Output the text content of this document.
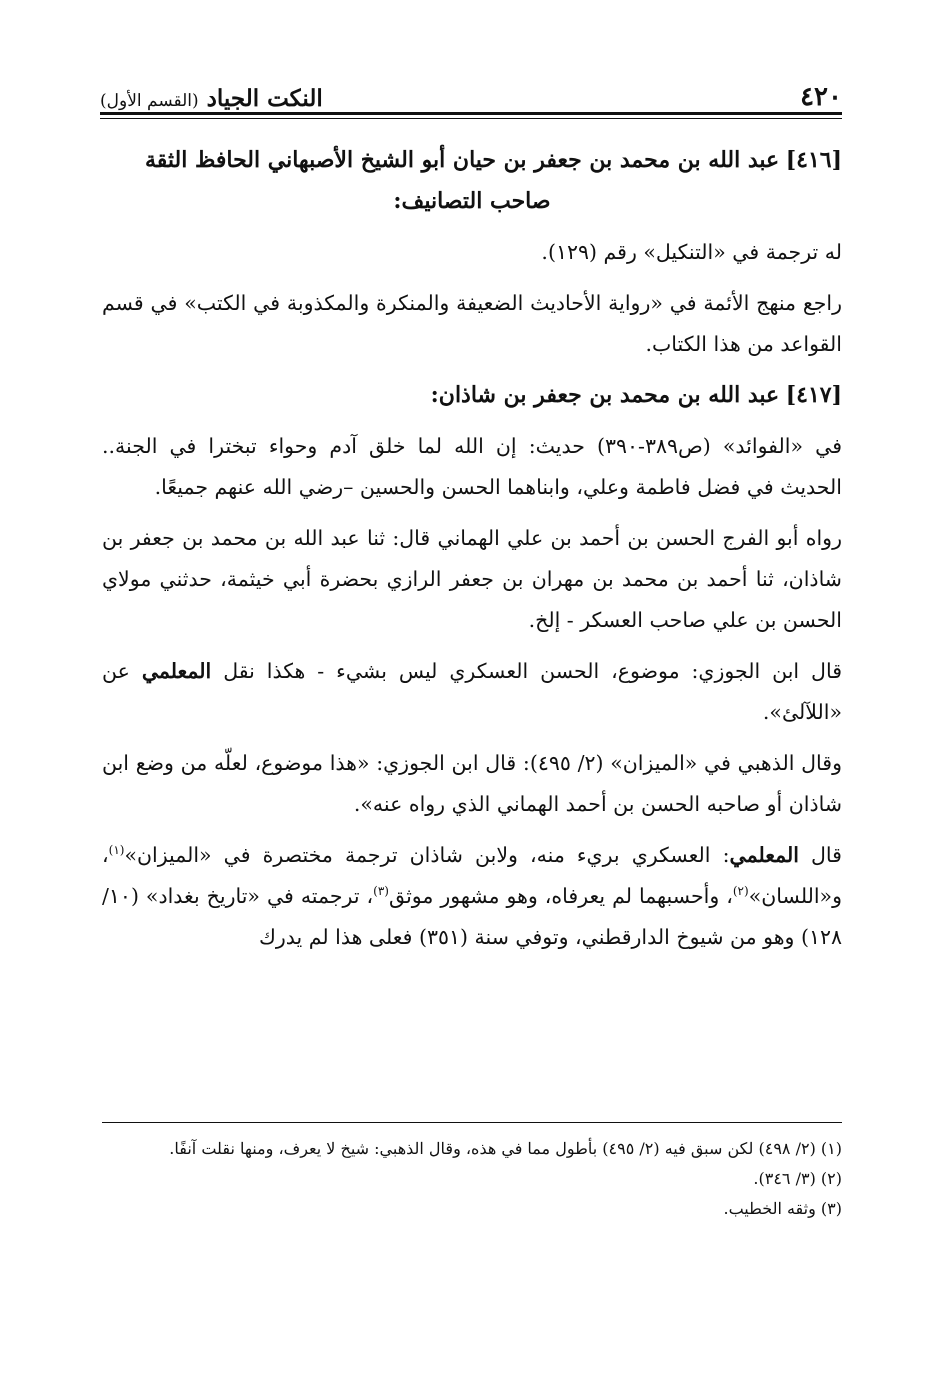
٤٢٠
النكت الجياد (القسم الأول)

[٤١٦] عبد الله بن محمد بن جعفر بن حيان أبو الشيخ الأصبهاني الحافظ الثقة
صاحب التصانيف:

له ترجمة في «التنكيل» رقم (١٢٩).

راجع منهج الأئمة في «رواية الأحاديث الضعيفة والمنكرة والمكذوبة في الكتب» في قسم القواعد من هذا الكتاب.

[٤١٧] عبد الله بن محمد بن جعفر بن شاذان:

في «الفوائد» (ص٣٨٩-٣٩٠) حديث: إن الله لما خلق آدم وحواء تبخترا في الجنة.. الحديث في فضل فاطمة وعلي، وابناهما الحسن والحسين –رضي الله عنهم جميعًا.

رواه أبو الفرج الحسن بن أحمد بن علي الهماني قال: ثنا عبد الله بن محمد بن جعفر بن شاذان، ثنا أحمد بن محمد بن مهران بن جعفر الرازي بحضرة أبي خيثمة، حدثني مولاي الحسن بن علي صاحب العسكر - إلخ.

قال ابن الجوزي: موضوع، الحسن العسكري ليس بشيء - هكذا نقل المعلمي عن «اللآلئ».

وقال الذهبي في «الميزان» (٢/ ٤٩٥): قال ابن الجوزي: «هذا موضوع، لعلّه من وضع ابن شاذان أو صاحبه الحسن بن أحمد الهماني الذي رواه عنه».

قال المعلمي: العسكري بريء منه، ولابن شاذان ترجمة مختصرة في «الميزان»$^{(١)}$، و«اللسان»$^{(٢)}$، وأحسبهما لم يعرفاه، وهو مشهور موثق$^{(٣)}$، ترجمته في «تاريخ بغداد» (١٠/ ١٢٨) وهو من شيوخ الدارقطني، وتوفي سنة (٣٥١) فعلى هذا لم يدرك

(١) (٢/ ٤٩٨) لكن سبق فيه (٢/ ٤٩٥) بأطول مما في هذه، وقال الذهبي: شيخ لا يعرف، ومنها نقلت آنفًا.

(٢) (٣/ ٣٤٦).

(٣) وثقه الخطيب.
